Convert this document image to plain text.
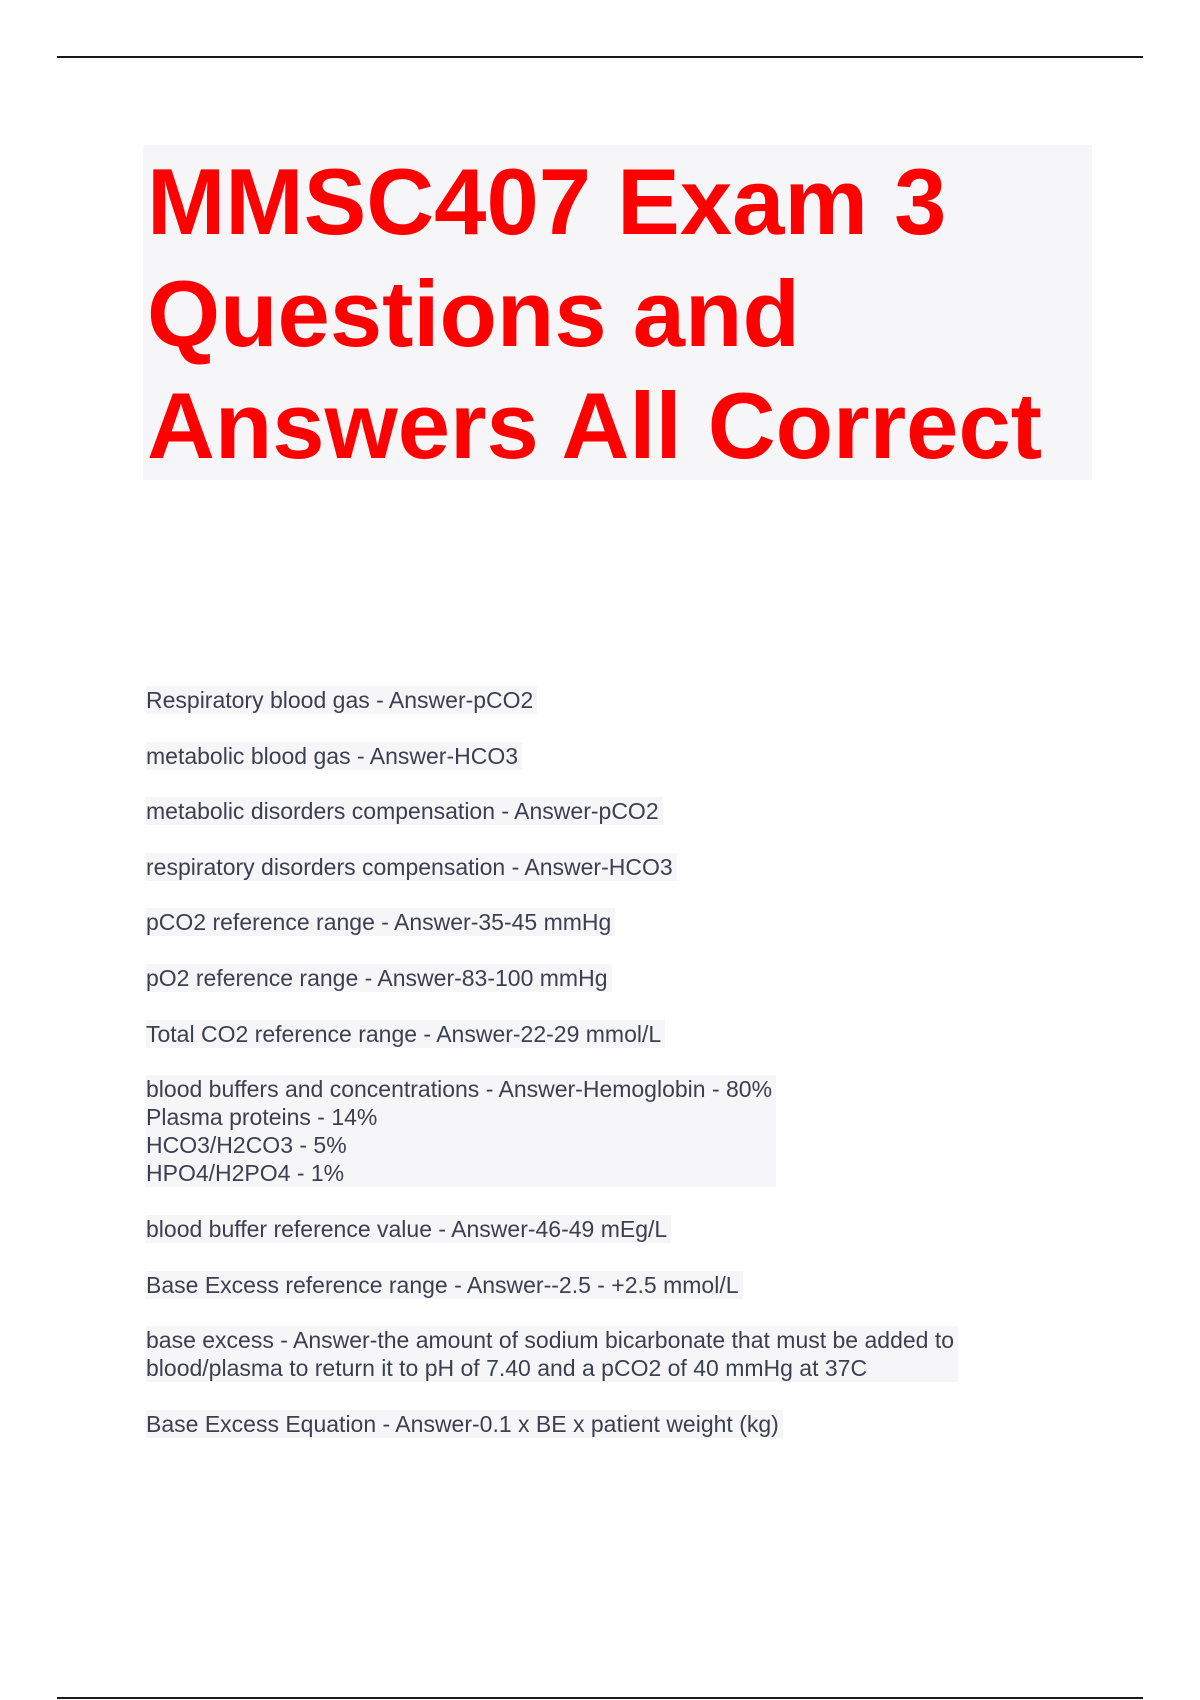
MMSC407 Exam 3
Questions and
Answers All Correct

Respiratory blood gas - Answer-pCO2

metabolic blood gas - Answer-HCO3

metabolic disorders compensation - Answer-pCO2

respiratory disorders compensation - Answer-HCO3

pCO2 reference range - Answer-35-45 mmHg

pO2 reference range - Answer-83-100 mmHg

Total CO2 reference range - Answer-22-29 mmol/L

blood buffers and concentrations - Answer-Hemoglobin - 80%
Plasma proteins - 14%
HCO3/H2CO3 - 5%
HPO4/H2PO4 - 1%

blood buffer reference value - Answer-46-49 mEg/L

Base Excess reference range - Answer--2.5 - +2.5 mmol/L

base excess - Answer-the amount of sodium bicarbonate that must be added to
blood/plasma to return it to pH of 7.40 and a pCO2 of 40 mmHg at 37C

Base Excess Equation - Answer-0.1 x BE x patient weight (kg)
